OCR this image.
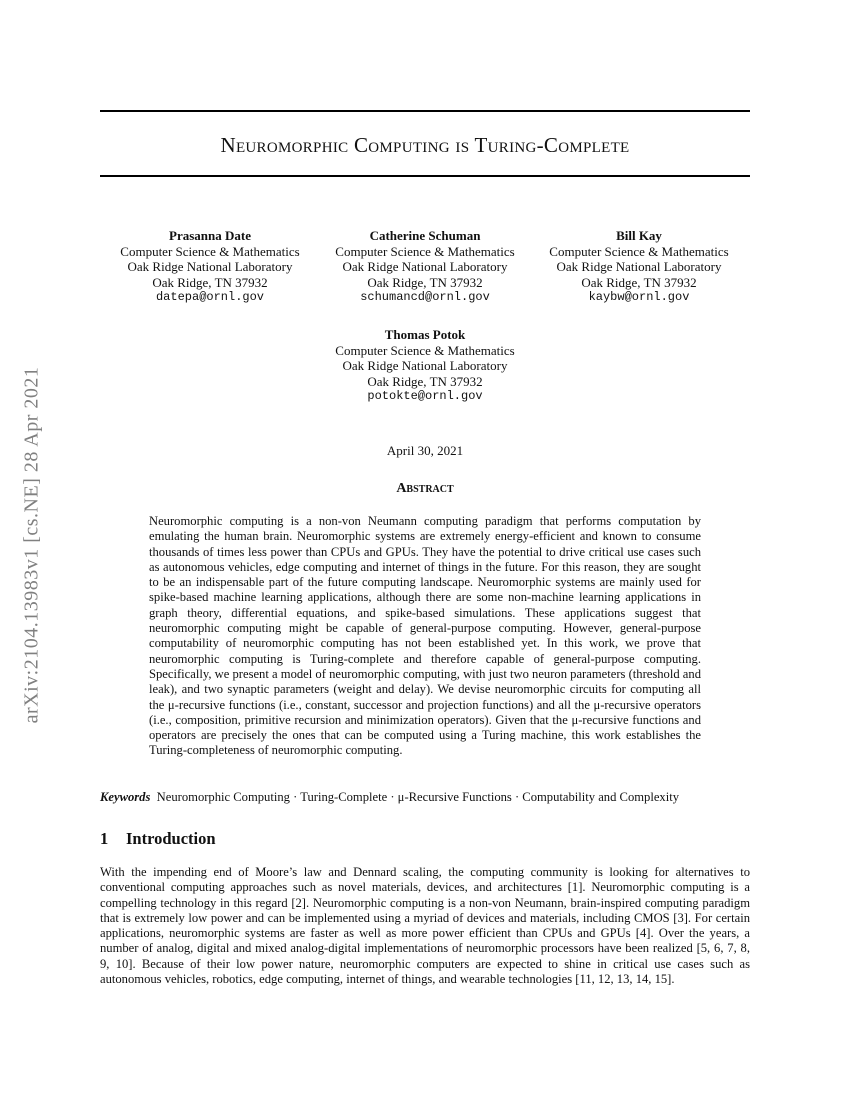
arXiv:2104.13983v1 [cs.NE] 28 Apr 2021
Neuromorphic Computing is Turing-Complete
Prasanna Date
Computer Science & Mathematics
Oak Ridge National Laboratory
Oak Ridge, TN 37932
datepa@ornl.gov
Catherine Schuman
Computer Science & Mathematics
Oak Ridge National Laboratory
Oak Ridge, TN 37932
schumancd@ornl.gov
Bill Kay
Computer Science & Mathematics
Oak Ridge National Laboratory
Oak Ridge, TN 37932
kaybw@ornl.gov
Thomas Potok
Computer Science & Mathematics
Oak Ridge National Laboratory
Oak Ridge, TN 37932
potokte@ornl.gov
April 30, 2021
Abstract

Neuromorphic computing is a non-von Neumann computing paradigm that performs computation by emulating the human brain. Neuromorphic systems are extremely energy-efficient and known to consume thousands of times less power than CPUs and GPUs. They have the potential to drive critical use cases such as autonomous vehicles, edge computing and internet of things in the future. For this reason, they are sought to be an indispensable part of the future computing landscape. Neuromorphic systems are mainly used for spike-based machine learning applications, although there are some non-machine learning applications in graph theory, differential equations, and spike-based simulations. These applications suggest that neuromorphic computing might be capable of general-purpose computing. However, general-purpose computability of neuromorphic computing has not been established yet. In this work, we prove that neuromorphic computing is Turing-complete and therefore capable of general-purpose computing. Specifically, we present a model of neuromorphic computing, with just two neuron parameters (threshold and leak), and two synaptic parameters (weight and delay). We devise neuromorphic circuits for computing all the μ-recursive functions (i.e., constant, successor and projection functions) and all the μ-recursive operators (i.e., composition, primitive recursion and minimization operators). Given that the μ-recursive functions and operators are precisely the ones that can be computed using a Turing machine, this work establishes the Turing-completeness of neuromorphic computing.

Keywords Neuromorphic Computing · Turing-Complete · μ-Recursive Functions · Computability and Complexity
1 Introduction

With the impending end of Moore’s law and Dennard scaling, the computing community is looking for alternatives to conventional computing approaches such as novel materials, devices, and architectures [1]. Neuromorphic computing is a compelling technology in this regard [2]. Neuromorphic computing is a non-von Neumann, brain-inspired computing paradigm that is extremely low power and can be implemented using a myriad of devices and materials, including CMOS [3]. For certain applications, neuromorphic systems are faster as well as more power efficient than CPUs and GPUs [4]. Over the years, a number of analog, digital and mixed analog-digital implementations of neuromorphic processors have been realized [5, 6, 7, 8, 9, 10]. Because of their low power nature, neuromorphic computers are expected to shine in critical use cases such as autonomous vehicles, robotics, edge computing, internet of things, and wearable technologies [11, 12, 13, 14, 15].
